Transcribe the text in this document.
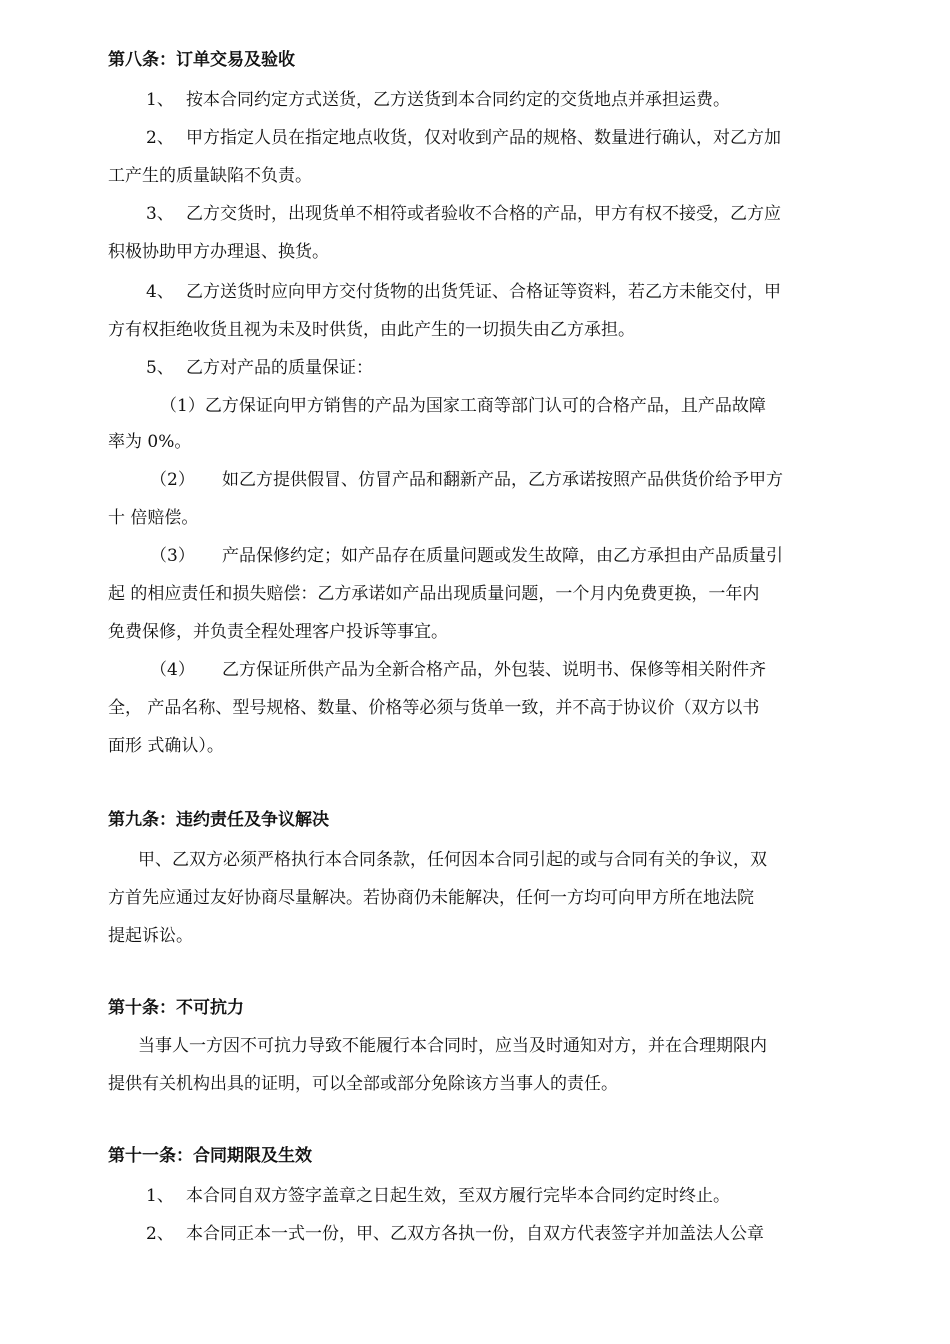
第八条：订单交易及验收
1、 按本合同约定方式送货，乙方送货到本合同约定的交货地点并承担运费。
2、 甲方指定人员在指定地点收货，仅对收到产品的规格、数量进行确认，对乙方加
工产生的质量缺陷不负责。
3、 乙方交货时，出现货单不相符或者验收不合格的产品，甲方有权不接受，乙方应
积极协助甲方办理退、换货。
4、 乙方送货时应向甲方交付货物的出货凭证、合格证等资料，若乙方未能交付，甲
方有权拒绝收货且视为未及时供货，由此产生的一切损失由乙方承担。
5、 乙方对产品的质量保证：
（1）乙方保证向甲方销售的产品为国家工商等部门认可的合格产品，且产品故障
率为 0%。
（2） 如乙方提供假冒、仿冒产品和翻新产品，乙方承诺按照产品供货价给予甲方
十 倍赔偿。
（3） 产品保修约定；如产品存在质量问题或发生故障，由乙方承担由产品质量引
起 的相应责任和损失赔偿：乙方承诺如产品出现质量问题，一个月内免费更换，一年内
免费保修，并负责全程处理客户投诉等事宜。
（4） 乙方保证所供产品为全新合格产品，外包装、说明书、保修等相关附件齐
全， 产品名称、型号规格、数量、价格等必须与货单一致，并不高于协议价（双方以书
面形 式确认）。
第九条：违约责任及争议解决
甲、乙双方必须严格执行本合同条款，任何因本合同引起的或与合同有关的争议，双
方首先应通过友好协商尽量解决。若协商仍未能解决，任何一方均可向甲方所在地法院
提起诉讼。
第十条：不可抗力
当事人一方因不可抗力导致不能履行本合同时，应当及时通知对方，并在合理期限内
提供有关机构出具的证明，可以全部或部分免除该方当事人的责任。
第十一条：合同期限及生效
1、 本合同自双方签字盖章之日起生效，至双方履行完毕本合同约定时终止。
2、 本合同正本一式一份，甲、乙双方各执一份，自双方代表签字并加盖法人公章
